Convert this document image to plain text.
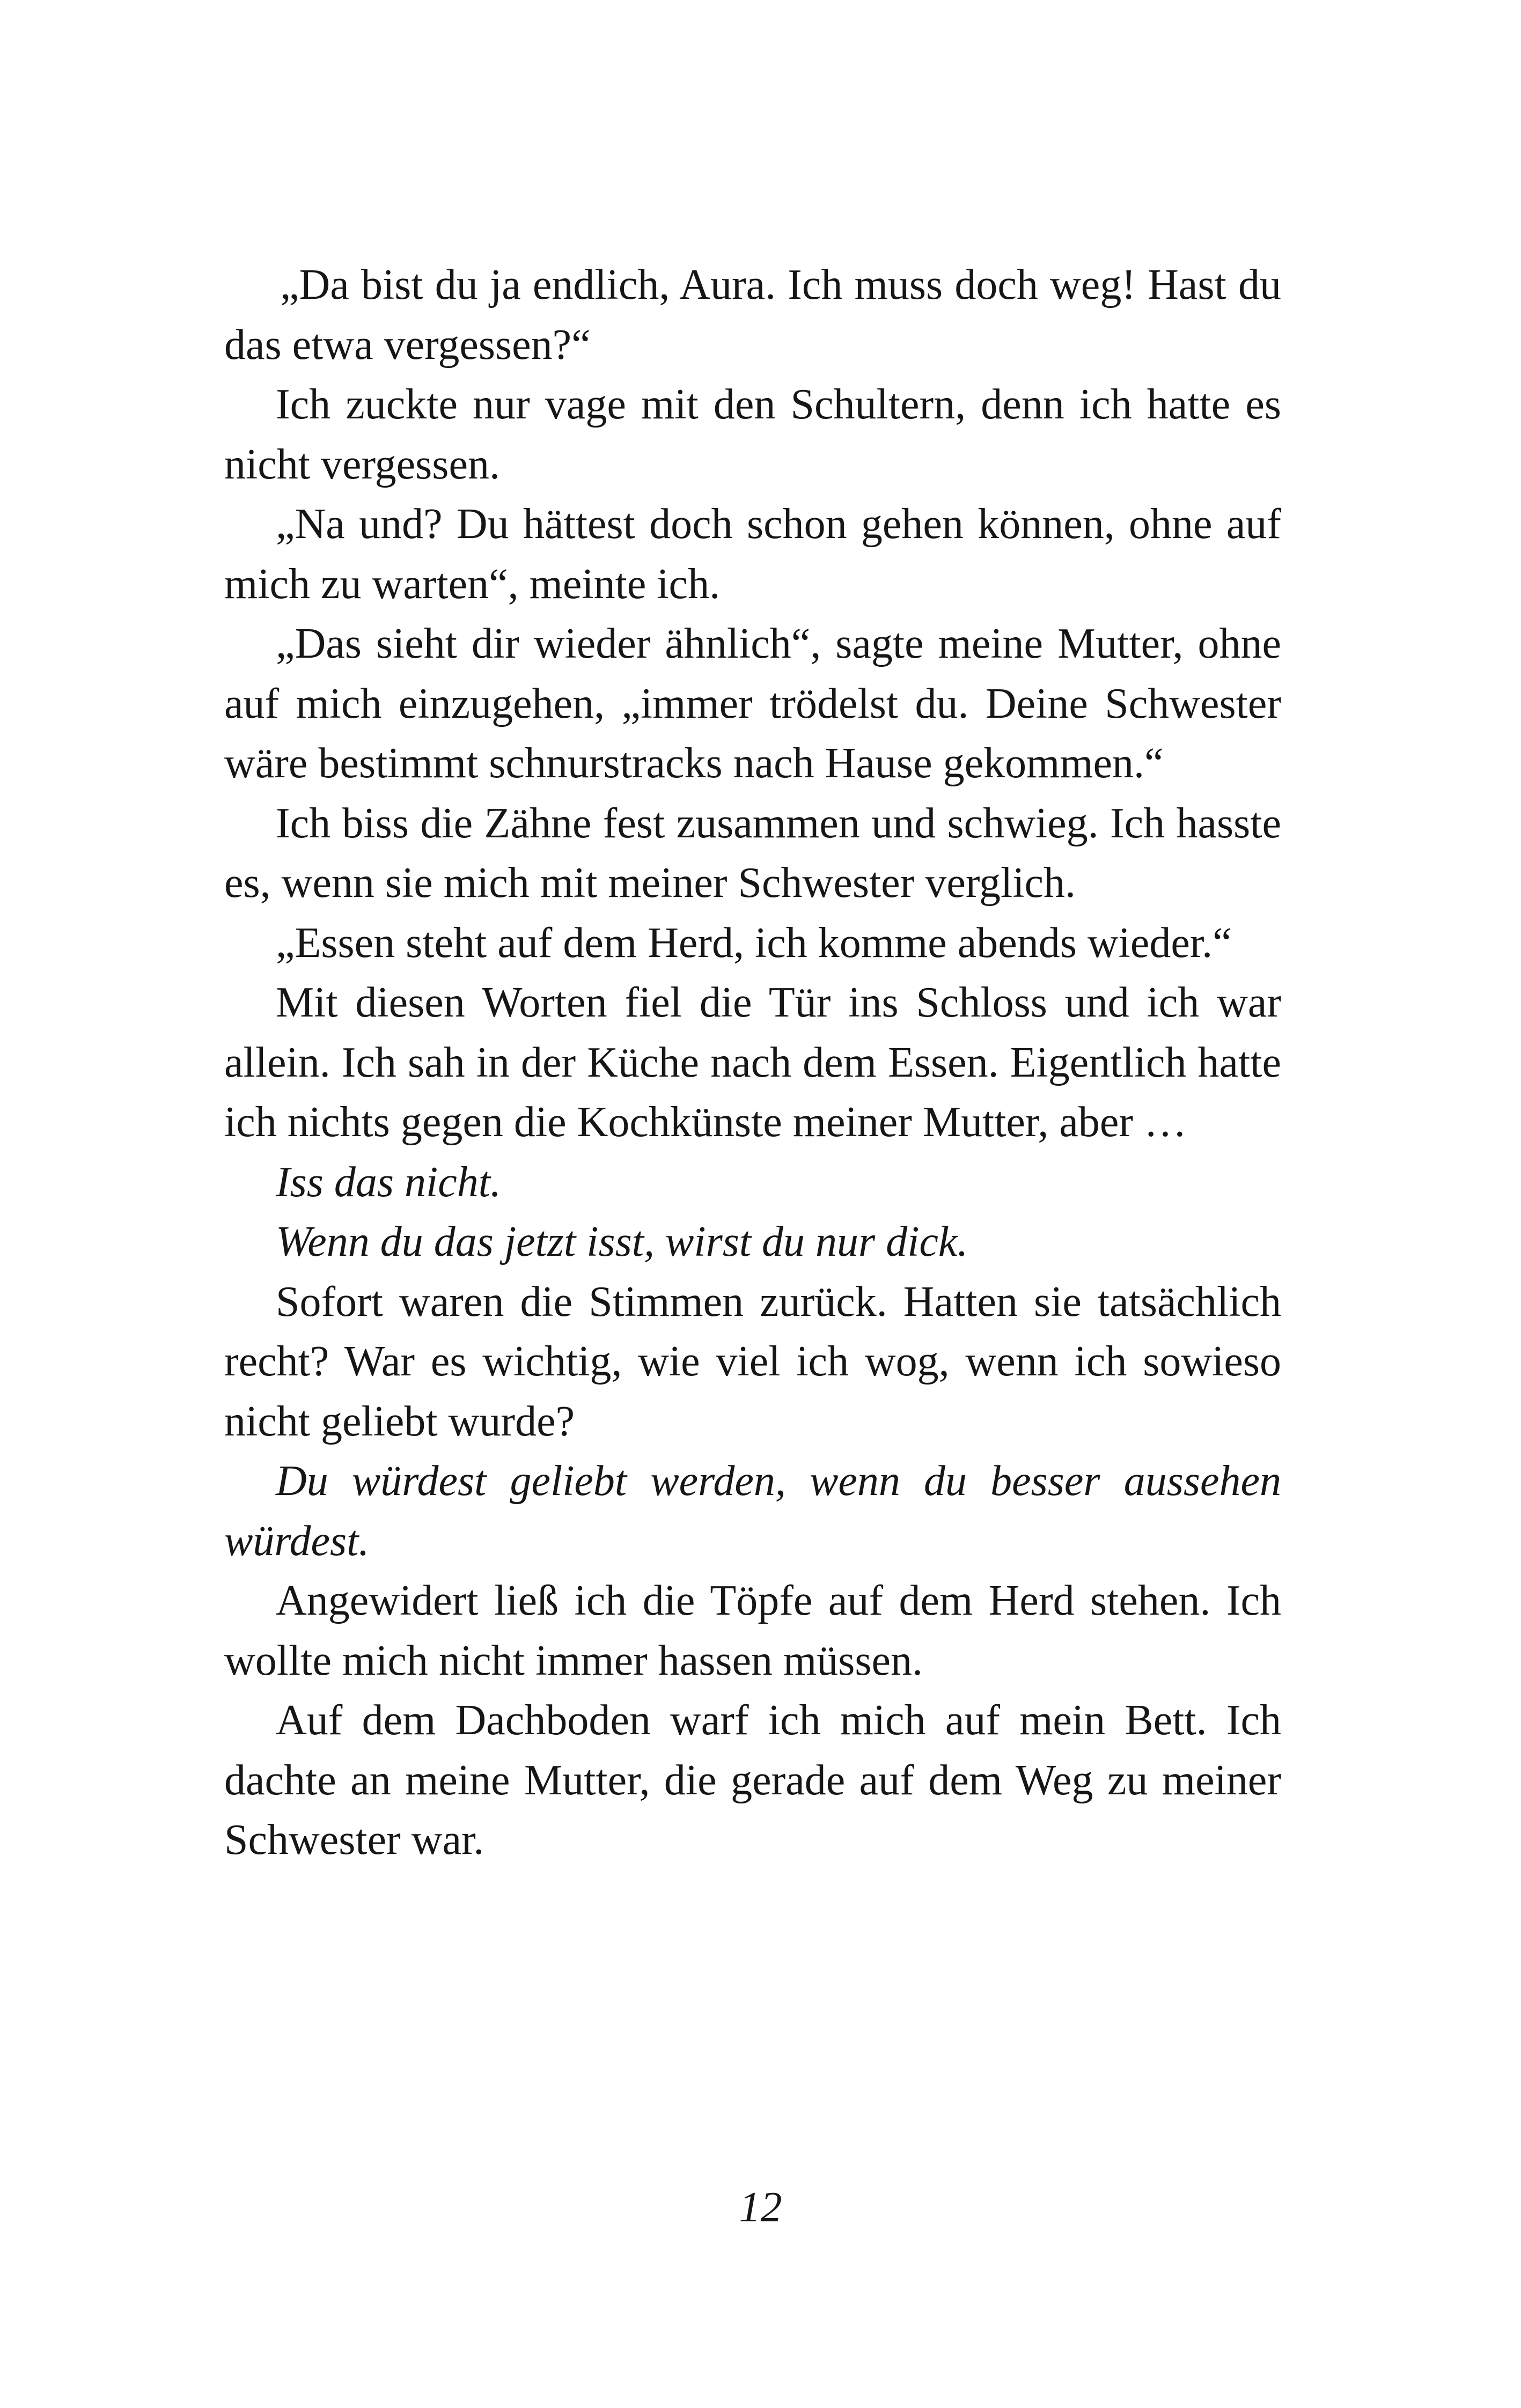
„Da bist du ja endlich, Aura. Ich muss doch weg! Hast du das etwa vergessen?“

Ich zuckte nur vage mit den Schultern, denn ich hatte es nicht vergessen.

„Na und? Du hättest doch schon gehen können, ohne auf mich zu warten“, meinte ich.

„Das sieht dir wieder ähnlich“, sagte meine Mutter, ohne auf mich einzugehen, „immer trödelst du. Deine Schwester wäre bestimmt schnurstracks nach Hause gekommen.“

Ich biss die Zähne fest zusammen und schwieg. Ich hasste es, wenn sie mich mit meiner Schwester verglich.

„Essen steht auf dem Herd, ich komme abends wieder.“

Mit diesen Worten fiel die Tür ins Schloss und ich war allein. Ich sah in der Küche nach dem Essen. Eigentlich hatte ich nichts gegen die Kochkünste meiner Mutter, aber …

Iss das nicht.

Wenn du das jetzt isst, wirst du nur dick.

Sofort waren die Stimmen zurück. Hatten sie tatsächlich recht? War es wichtig, wie viel ich wog, wenn ich sowieso nicht geliebt wurde?

Du würdest geliebt werden, wenn du besser aussehen würdest.

Angewidert ließ ich die Töpfe auf dem Herd stehen. Ich wollte mich nicht immer hassen müssen.

Auf dem Dachboden warf ich mich auf mein Bett. Ich dachte an meine Mutter, die gerade auf dem Weg zu meiner Schwester war.

12
